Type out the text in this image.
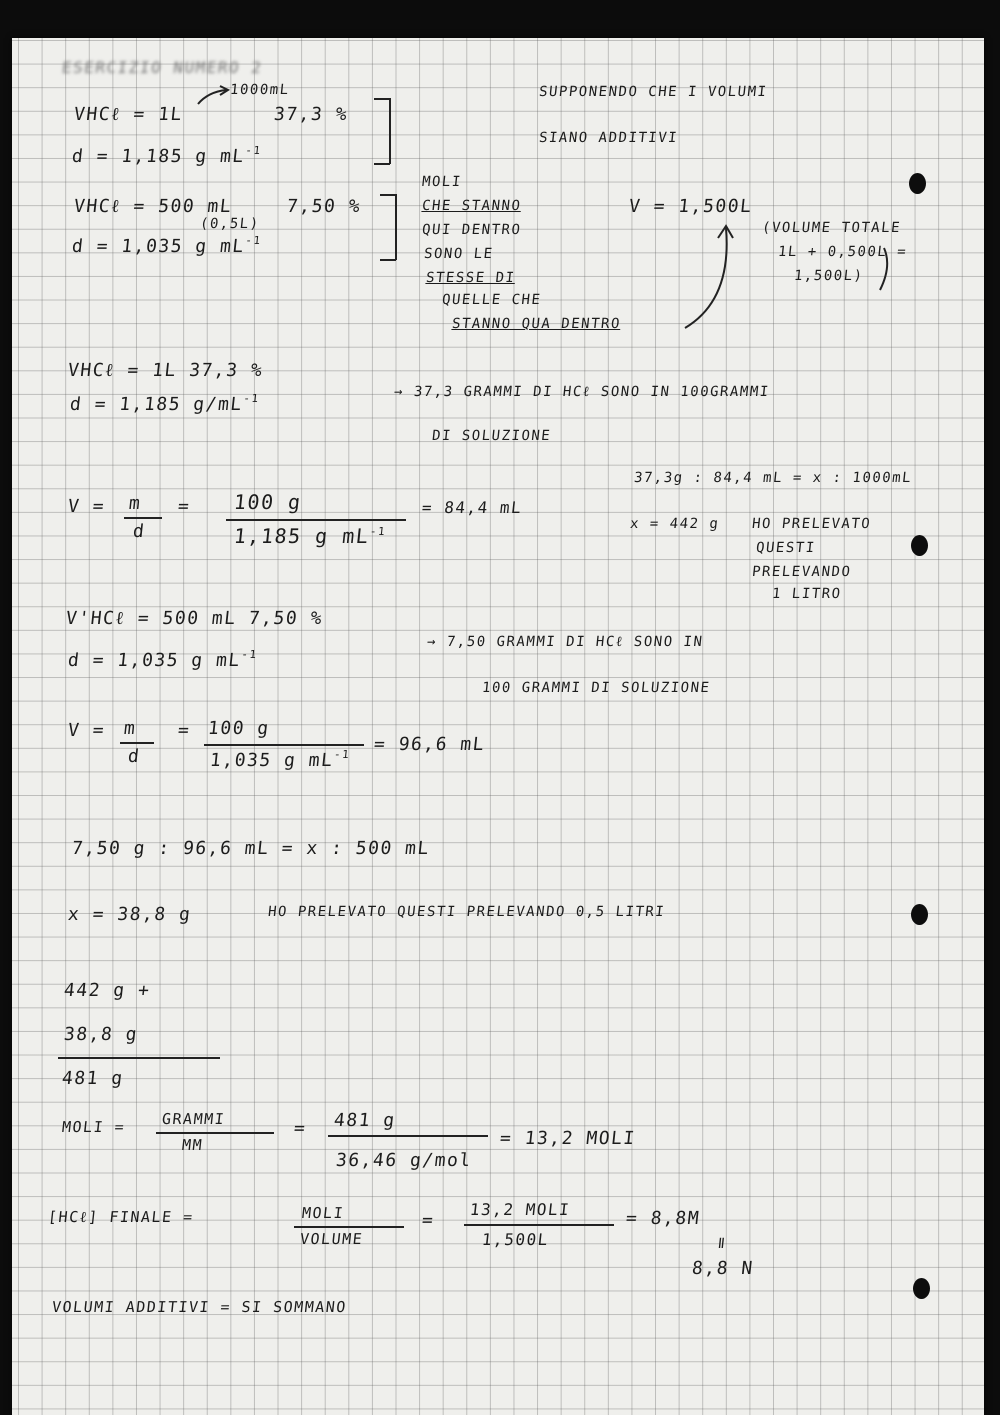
ESERCIZIO NUMERO 2
VHCℓ = 1L
1000mL
37,3 %
d = 1,185 g $mL^{-1}$
VHCℓ = 500 mL
(0,5L)
7,50 %
d = 1,035 g $mL^{-1}$
SUPPONENDO CHE I VOLUMI
SIANO ADDITIVI
MOLI
CHE STANNO
QUI DENTRO
SONO LE
STESSE DI
QUELLE CHE
STANNO QUA DENTRO
V = 1,500L
(VOLUME TOTALE
1L + 0,500L =
1,500L)
VHCℓ = 1L 37,3 %
d = 1,185 $g/mL^{-1}$	→ 37,3 GRAMMI DI HCℓ SONO IN 100GRAMMI
DI SOLUZIONE
37,3g : 84,4 mL = x : 1000mL
V = m
d
= 100 g
1,185 g $mL^{-1}$
= 84,4 mL
x = 442 g HO PRELEVATO
QUESTI
PRELEVANDO
1 LITRO
V'HCℓ = 500 mL 7,50 %
d = 1,035 g $mL^{-1}$
→ 7,50 GRAMMI DI HCℓ SONO IN
100 GRAMMI DI SOLUZIONE
V = m
d
= 100 g
1,035 g $mL^{-1} = 96,6$ mL
7,50 g : 96,6 mL = x : 500 mL
x = 38,8 g	HO PRELEVATO QUESTI PRELEVANDO 0,5 LITRI
442 g +
38,8 g
481 g
MOLI = GRAMMI
MM
= 481 g
36,46 g/mol
= 13,2 MOLI
[HCℓ] FINALE =	MOLI
VOLUME
=
13,2 MOLI
1,500L
= 8,8M
ǁ
8,8 N
VOLUMI ADDITIVI = SI SOMMANO
